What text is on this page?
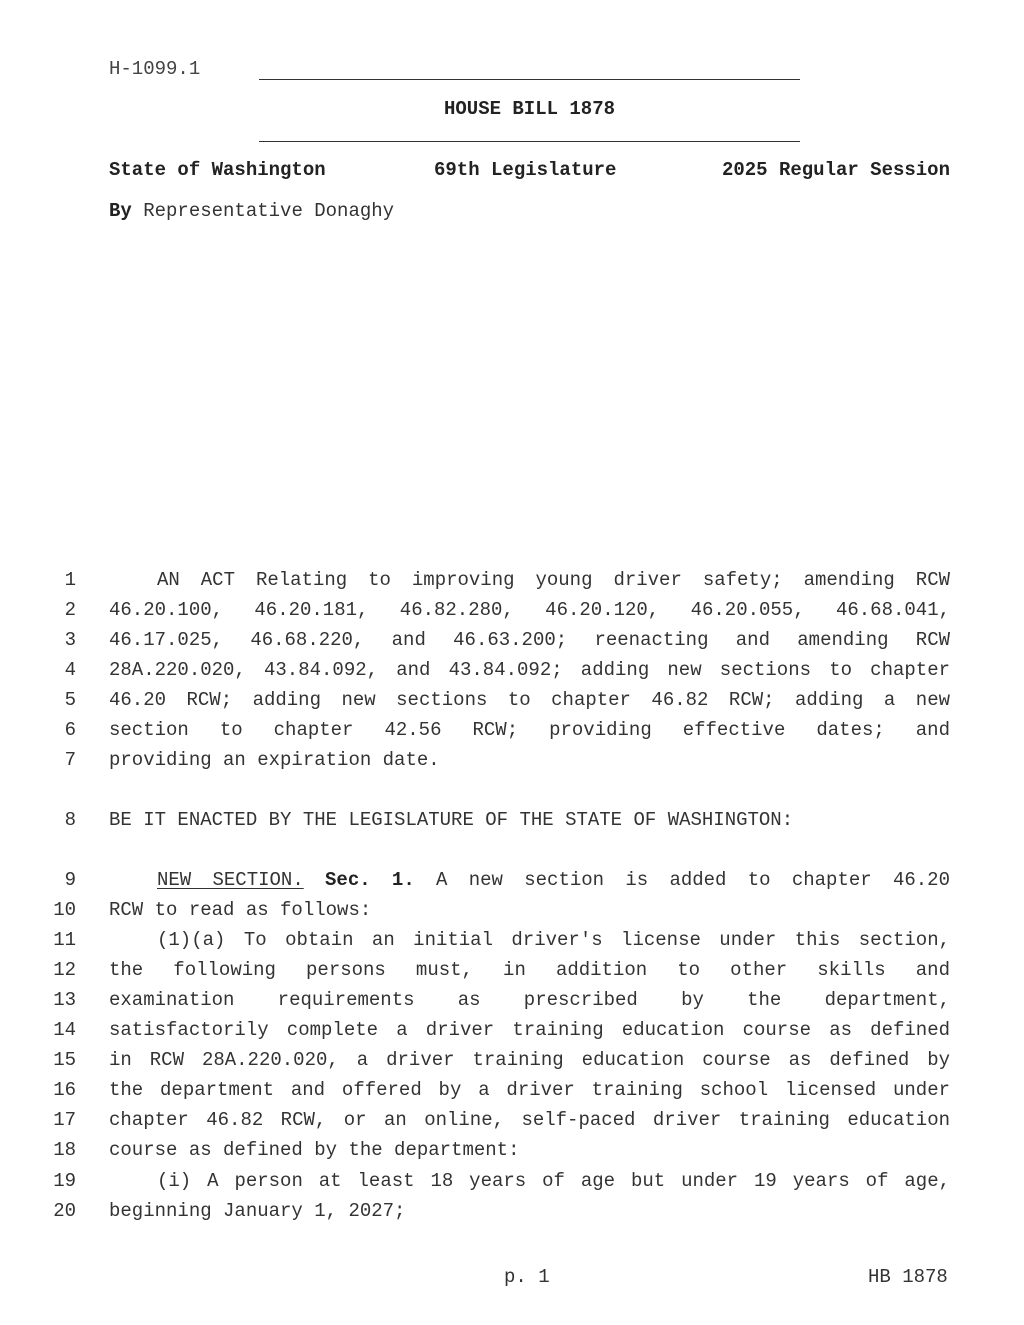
H-1099.1
HOUSE BILL 1878
State of Washington	69th Legislature	2025 Regular Session
By Representative Donaghy
1	AN ACT Relating to improving young driver safety; amending RCW
2 46.20.100, 46.20.181, 46.82.280, 46.20.120, 46.20.055, 46.68.041,
3 46.17.025, 46.68.220, and 46.63.200; reenacting and amending RCW
4 28A.220.020, 43.84.092, and 43.84.092; adding new sections to chapter
5 46.20 RCW; adding new sections to chapter 46.82 RCW; adding a new
6 section to chapter 42.56 RCW; providing effective dates; and
7 providing an expiration date.
8 BE IT ENACTED BY THE LEGISLATURE OF THE STATE OF WASHINGTON:
9	NEW SECTION. Sec. 1. A new section is added to chapter 46.20
10 RCW to read as follows:
11	(1)(a) To obtain an initial driver's license under this section,
12 the following persons must, in addition to other skills and
13 examination requirements as prescribed by the department,
14 satisfactorily complete a driver training education course as defined
15 in RCW 28A.220.020, a driver training education course as defined by
16 the department and offered by a driver training school licensed under
17 chapter 46.82 RCW, or an online, self-paced driver training education
18 course as defined by the department:
19	(i) A person at least 18 years of age but under 19 years of age,
20 beginning January 1, 2027;
p. 1	HB 1878
